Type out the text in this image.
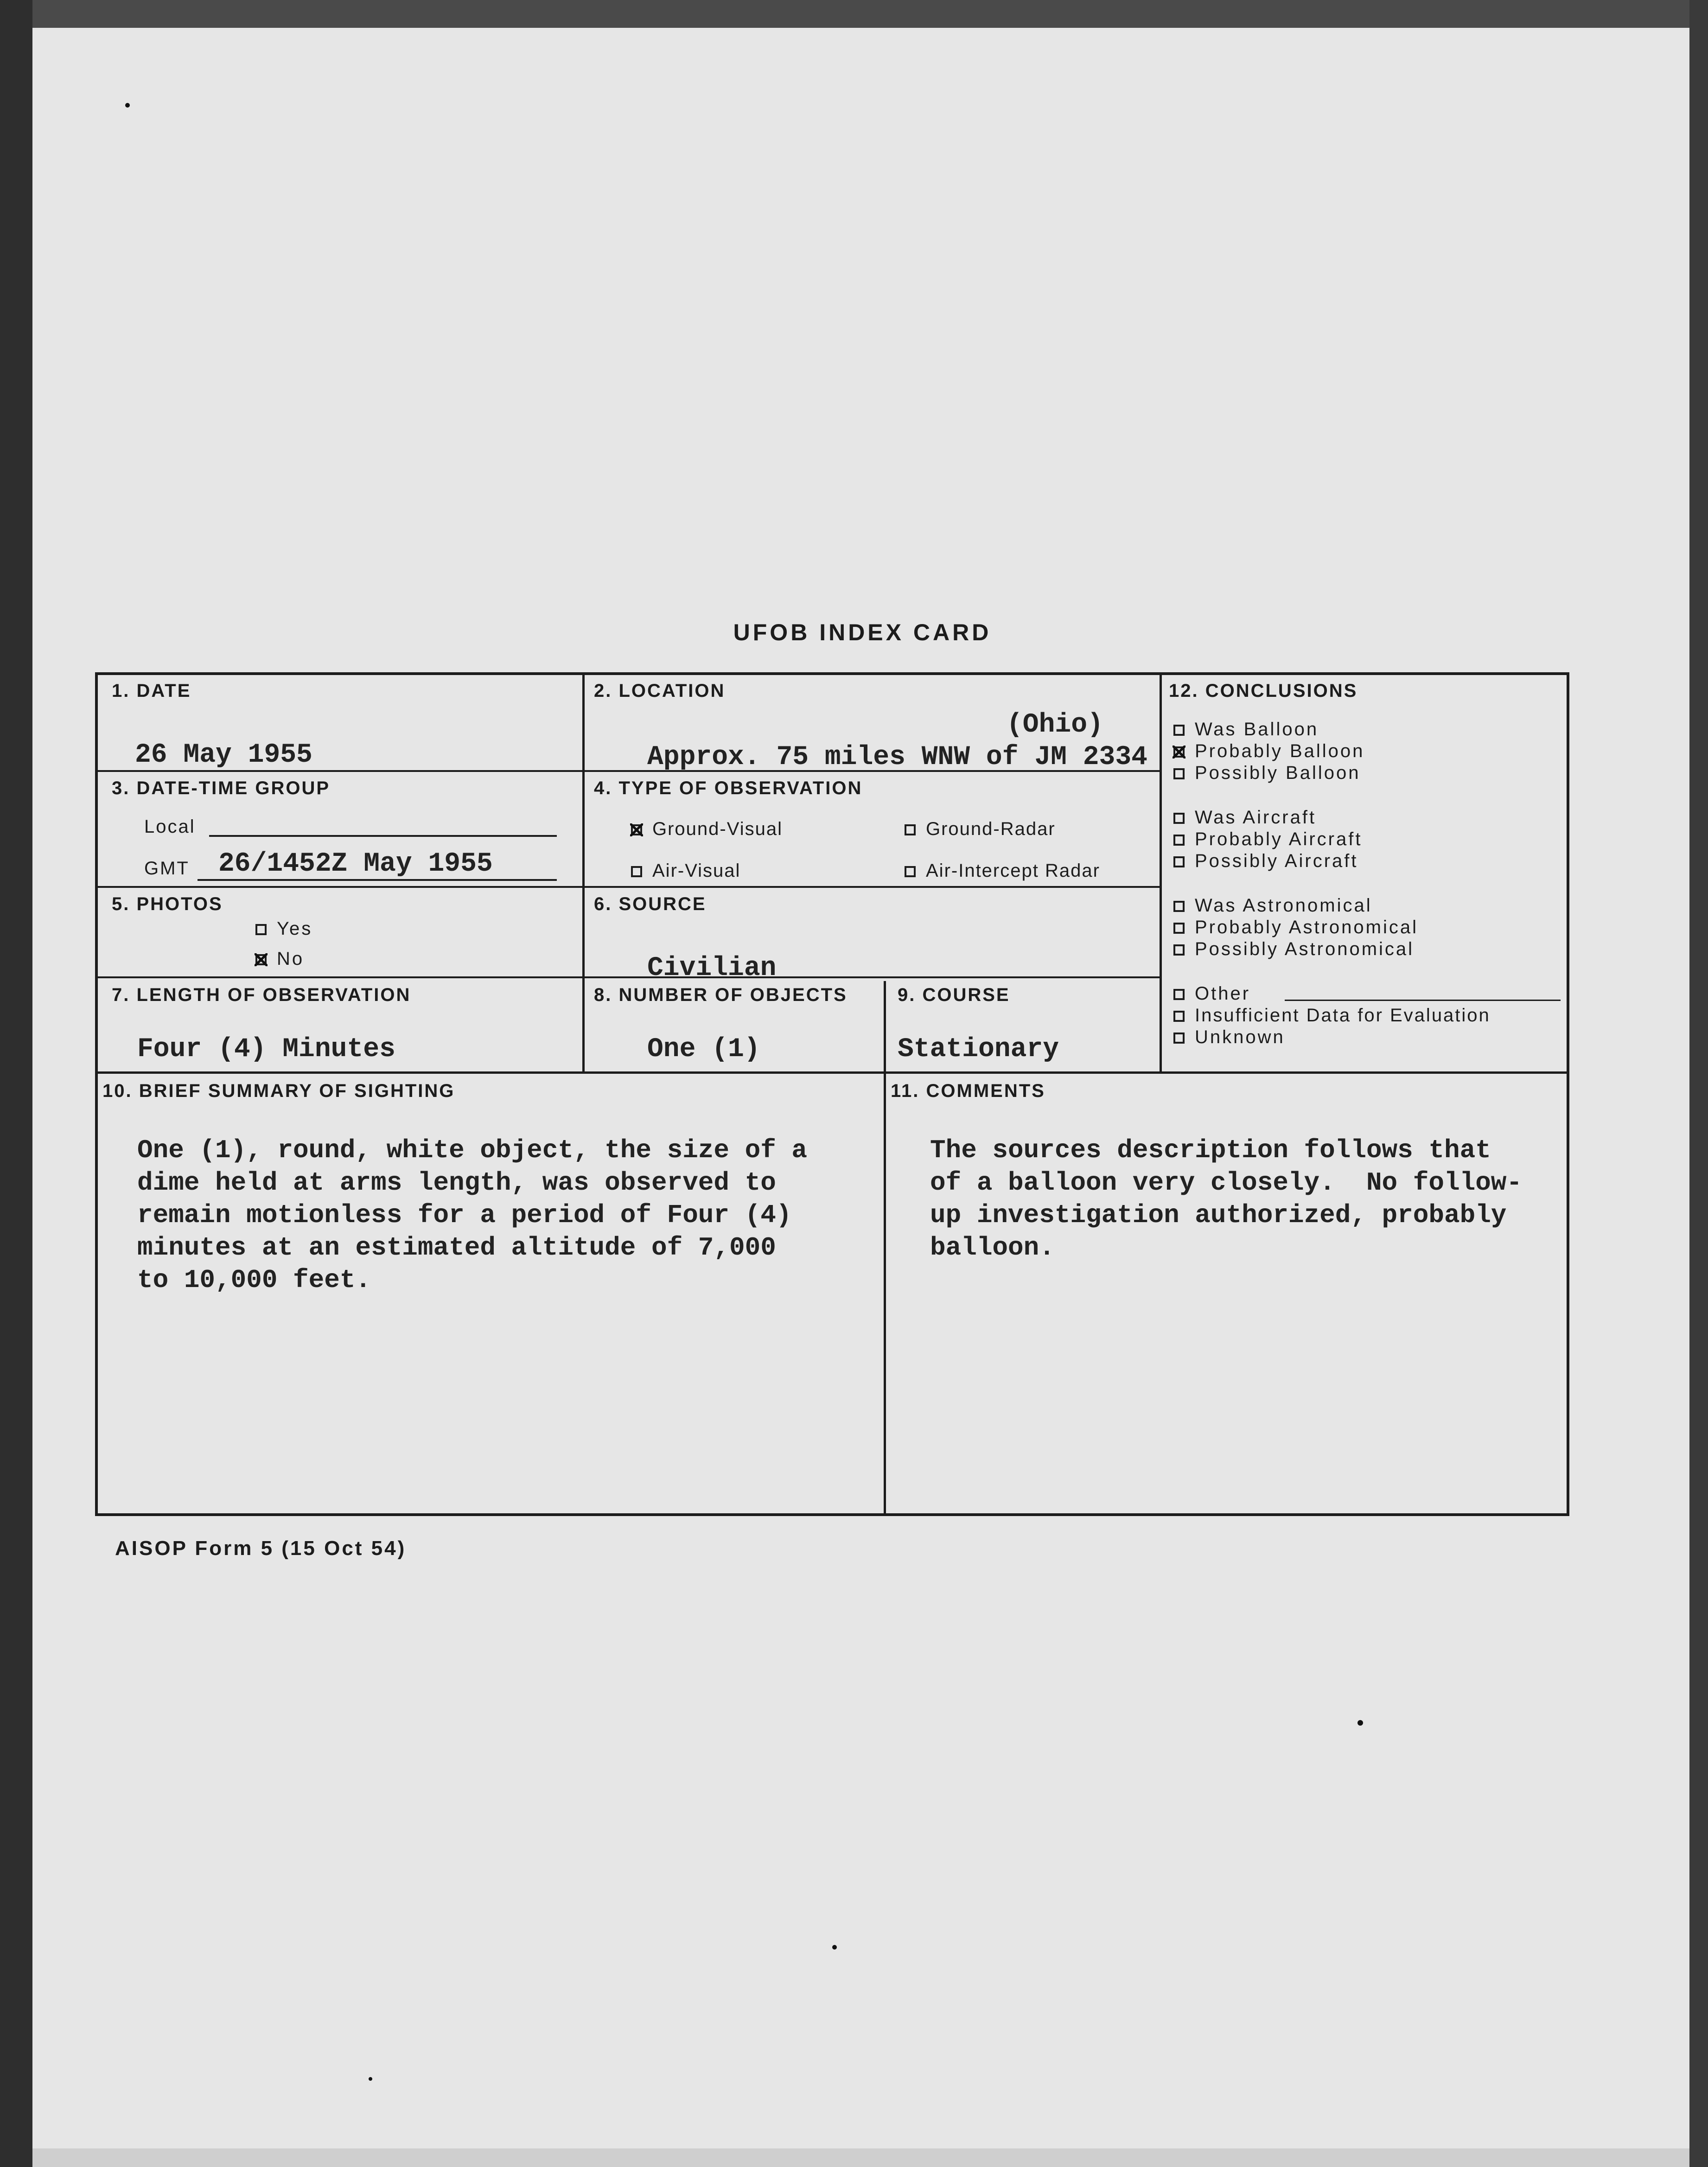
UFOB INDEX CARD
1. DATE
26 May 1955
2. LOCATION
(Ohio)
Approx. 75 miles WNW of JM 2334
3. DATE-TIME GROUP
Local
GMT 26/1452Z May 1955
4. TYPE OF OBSERVATION
Ground-Visual	Ground-Radar
Air-Visual	Air-Intercept Radar
5. PHOTOS
Yes
No
6. SOURCE
Civilian
7. LENGTH OF OBSERVATION
Four (4) Minutes
8. NUMBER OF OBJECTS
One (1)
9. COURSE
Stationary
10. BRIEF SUMMARY OF SIGHTING
One (1), round, white object, the size of a
dime held at arms length, was observed to
remain motionless for a period of Four (4)
minutes at an estimated altitude of 7,000
to 10,000 feet.
11. COMMENTS
The sources description follows that
of a balloon very closely.  No follow-
up investigation authorized, probably
balloon.
12. CONCLUSIONS
Was Balloon
Probably Balloon
Possibly Balloon
Was Aircraft
Probably Aircraft
Possibly Aircraft
Was Astronomical
Probably Astronomical
Possibly Astronomical
Other
Insufficient Data for Evaluation
Unknown
AISOP Form 5 (15 Oct 54)
